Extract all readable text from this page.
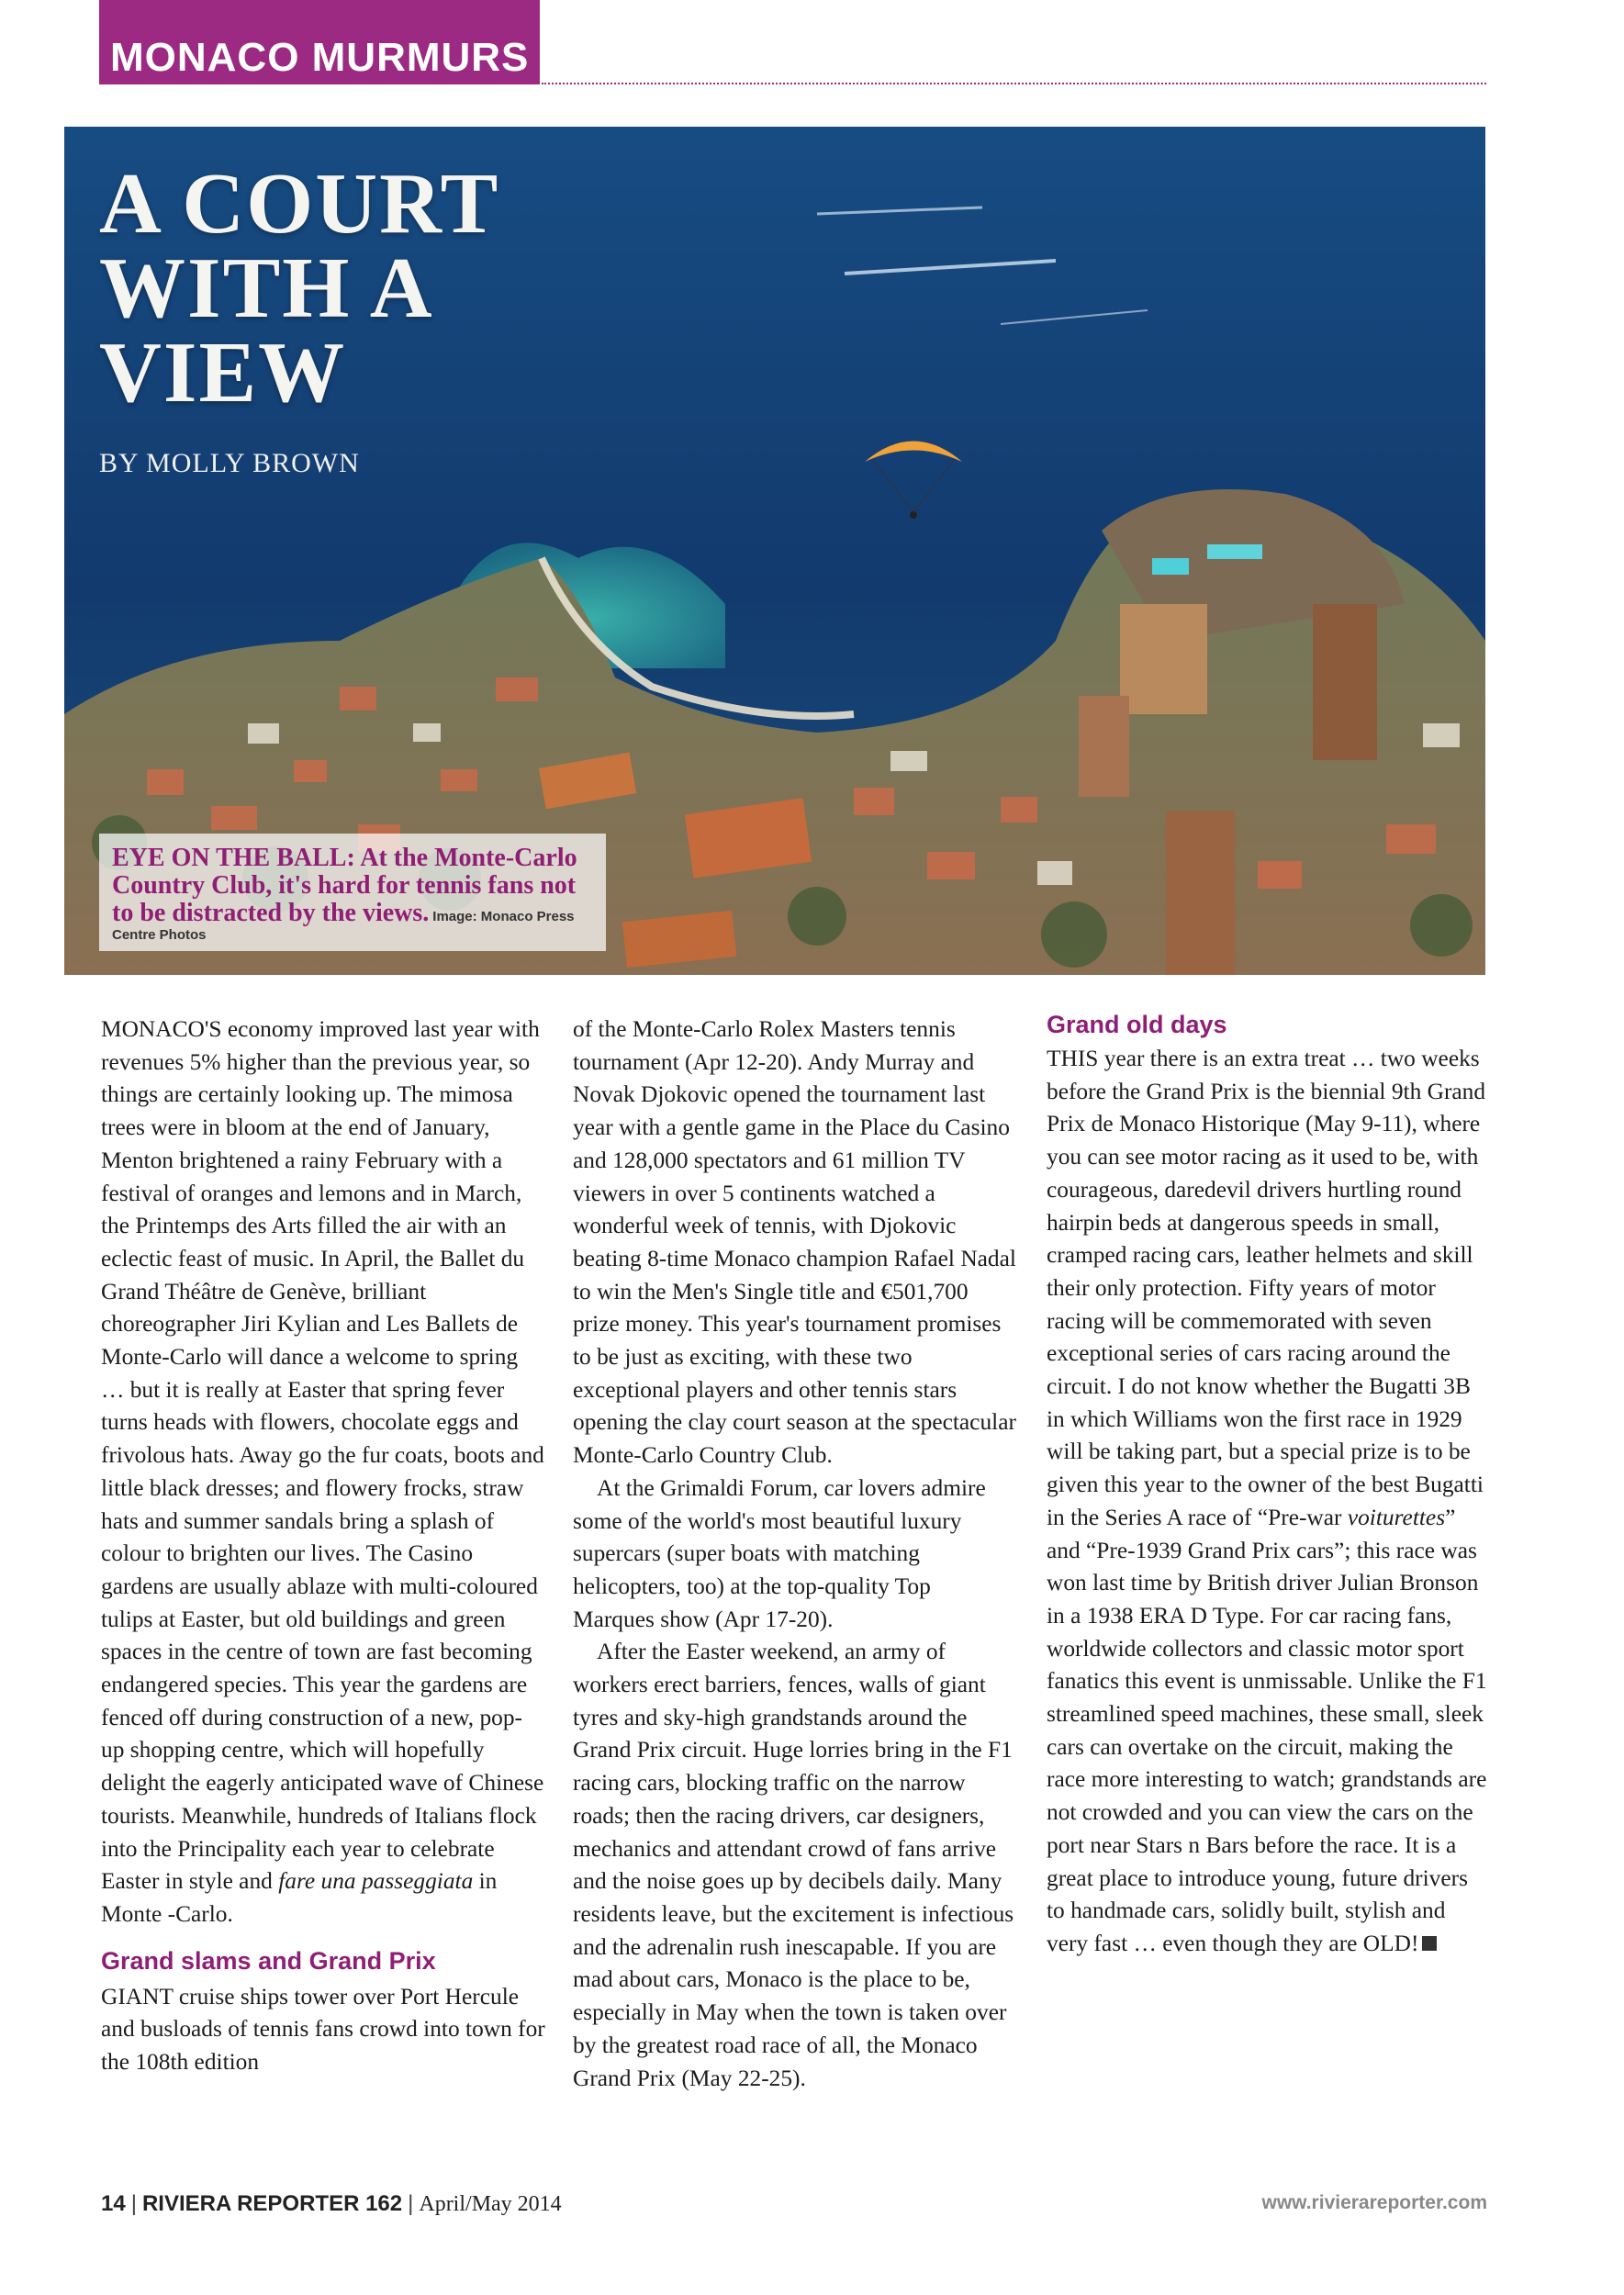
MONACO MURMURS
A COURT WITH A VIEW
BY MOLLY BROWN
EYE ON THE BALL: At the Monte-Carlo Country Club, it's hard for tennis fans not to be distracted by the views. Image: Monaco Press Centre Photos

MONACO'S economy improved last year with revenues 5% higher than the previous year, so things are certainly looking up. The mimosa trees were in bloom at the end of January, Menton brightened a rainy February with a festival of oranges and lemons and in March, the Printemps des Arts filled the air with an eclectic feast of music. In April, the Ballet du Grand Théâtre de Genève, brilliant choreographer Jiri Kylian and Les Ballets de Monte-Carlo will dance a welcome to spring … but it is really at Easter that spring fever turns heads with flowers, chocolate eggs and frivolous hats. Away go the fur coats, boots and little black dresses; and flowery frocks, straw hats and summer sandals bring a splash of colour to brighten our lives. The Casino gardens are usually ablaze with multi-coloured tulips at Easter, but old buildings and green spaces in the centre of town are fast becoming endangered species. This year the gardens are fenced off during construction of a new, pop-up shopping centre, which will hopefully delight the eagerly anticipated wave of Chinese tourists. Meanwhile, hundreds of Italians flock into the Principality each year to celebrate Easter in style and fare una passeggiata in Monte -Carlo.

Grand slams and Grand Prix

GIANT cruise ships tower over Port Hercule and busloads of tennis fans crowd into town for the 108th edition

of the Monte-Carlo Rolex Masters tennis tournament (Apr 12-20). Andy Murray and Novak Djokovic opened the tournament last year with a gentle game in the Place du Casino and 128,000 spectators and 61 million TV viewers in over 5 continents watched a wonderful week of tennis, with Djokovic beating 8-time Monaco champion Rafael Nadal to win the Men's Single title and €501,700 prize money. This year's tournament promises to be just as exciting, with these two exceptional players and other tennis stars opening the clay court season at the spectacular Monte-Carlo Country Club.

At the Grimaldi Forum, car lovers admire some of the world's most beautiful luxury supercars (super boats with matching helicopters, too) at the top-quality Top Marques show (Apr 17-20).

After the Easter weekend, an army of workers erect barriers, fences, walls of giant tyres and sky-high grandstands around the Grand Prix circuit. Huge lorries bring in the F1 racing cars, blocking traffic on the narrow roads; then the racing drivers, car designers, mechanics and attendant crowd of fans arrive and the noise goes up by decibels daily. Many residents leave, but the excitement is infectious and the adrenalin rush inescapable. If you are mad about cars, Monaco is the place to be, especially in May when the town is taken over by the greatest road race of all, the Monaco Grand Prix (May 22-25).

Grand old days

THIS year there is an extra treat … two weeks before the Grand Prix is the biennial 9th Grand Prix de Monaco Historique (May 9-11), where you can see motor racing as it used to be, with courageous, daredevil drivers hurtling round hairpin beds at dangerous speeds in small, cramped racing cars, leather helmets and skill their only protection. Fifty years of motor racing will be commemorated with seven exceptional series of cars racing around the circuit. I do not know whether the Bugatti 3B in which Williams won the first race in 1929 will be taking part, but a special prize is to be given this year to the owner of the best Bugatti in the Series A race of “Pre-war voiturettes” and “Pre-1939 Grand Prix cars”; this race was won last time by British driver Julian Bronson in a 1938 ERA D Type. For car racing fans, worldwide collectors and classic motor sport fanatics this event is unmissable. Unlike the F1 streamlined speed machines, these small, sleek cars can overtake on the circuit, making the race more interesting to watch; grandstands are not crowded and you can view the cars on the port near Stars n Bars before the race. It is a great place to introduce young, future drivers to handmade cars, solidly built, stylish and very fast … even though they are OLD!

14 | RIVIERA REPORTER 162 | April/May 2014	www.rivierareporter.com
